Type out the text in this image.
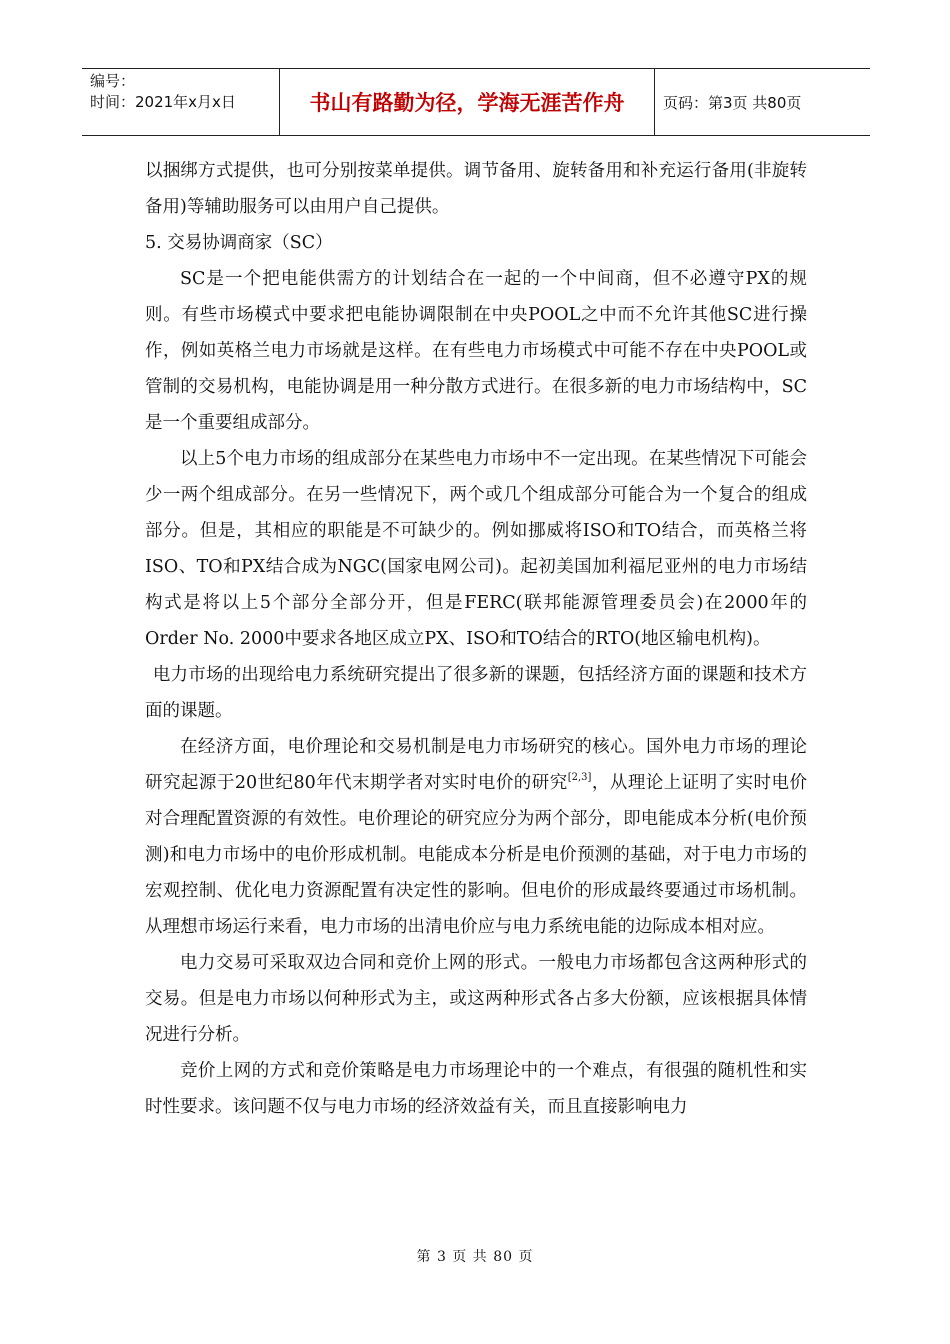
编号：
时间：2021年x月x日	书山有路勤为径，学海无涯苦作舟	页码：第3页 共80页

以捆绑方式提供，也可分别按菜单提供。调节备用、旋转备用和补充运行备用(非旋转备用)等辅助服务可以由用户自己提供。

5. 交易协调商家（SC）

SC是一个把电能供需方的计划结合在一起的一个中间商，但不必遵守PX的规则。有些市场模式中要求把电能协调限制在中央POOL之中而不允许其他SC进行操作，例如英格兰电力市场就是这样。在有些电力市场模式中可能不存在中央POOL或管制的交易机构，电能协调是用一种分散方式进行。在很多新的电力市场结构中，SC是一个重要组成部分。

以上5个电力市场的组成部分在某些电力市场中不一定出现。在某些情况下可能会少一两个组成部分。在另一些情况下，两个或几个组成部分可能合为一个复合的组成部分。但是，其相应的职能是不可缺少的。例如挪威将ISO和TO结合，而英格兰将ISO、TO和PX结合成为NGC(国家电网公司)。起初美国加利福尼亚州的电力市场结构式是将以上5个部分全部分开，但是FERC(联邦能源管理委员会)在2000年的Order No. 2000中要求各地区成立PX、ISO和TO结合的RTO(地区输电机构)。

电力市场的出现给电力系统研究提出了很多新的课题，包括经济方面的课题和技术方面的课题。

在经济方面，电价理论和交易机制是电力市场研究的核心。国外电力市场的理论研究起源于20世纪80年代末期学者对实时电价的研究[2,3]，从理论上证明了实时电价对合理配置资源的有效性。电价理论的研究应分为两个部分，即电能成本分析(电价预测)和电力市场中的电价形成机制。电能成本分析是电价预测的基础，对于电力市场的宏观控制、优化电力资源配置有决定性的影响。但电价的形成最终要通过市场机制。从理想市场运行来看，电力市场的出清电价应与电力系统电能的边际成本相对应。

电力交易可采取双边合同和竞价上网的形式。一般电力市场都包含这两种形式的交易。但是电力市场以何种形式为主，或这两种形式各占多大份额，应该根据具体情况进行分析。

竞价上网的方式和竞价策略是电力市场理论中的一个难点，有很强的随机性和实时性要求。该问题不仅与电力市场的经济效益有关，而且直接影响电力

第 3 页 共 80 页
